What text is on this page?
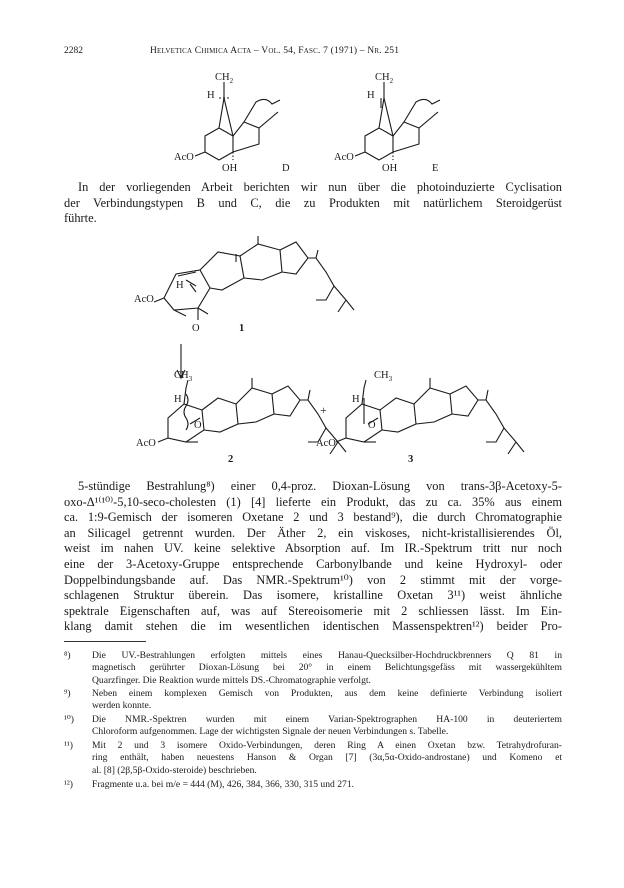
2282	Helvetica Chimica Acta – Vol. 54, Fasc. 7 (1971) – Nr. 251
$CH_2$
H
AcO
OH	D
$CH_2$
H
AcO
OH	E
In der vorliegenden Arbeit berichten wir nun über die photoinduzierte Cyclisation
der Verbindungstypen B und C, die zu Produkten mit natürlichem Steroidgerüst
führte.
AcO
H
O	1
$CH_3$
H
O
AcO
2
+
$CH_3$
H
O
AcO
3
5-stündige Bestrahlung⁸) einer 0,4-proz. Dioxan-Lösung von trans-3β-Acetoxy-5-
oxo-Δ¹⁽¹⁰⁾-5,10-seco-cholesten (1) [4] lieferte ein Produkt, das zu ca. 35% aus einem
ca. 1:9-Gemisch der isomeren Oxetane 2 und 3 bestand⁹), die durch Chromatographie
an Silicagel getrennt wurden. Der Äther 2, ein viskoses, nicht-kristallisierendes Öl,
weist im nahen UV. keine selektive Absorption auf. Im IR.-Spektrum tritt nur noch
eine der 3-Acetoxy-Gruppe entsprechende Carbonylbande und keine Hydroxyl- oder
Doppelbindungsbande auf. Das NMR.-Spektrum¹⁰) von 2 stimmt mit der vorge-
schlagenen Struktur überein. Das isomere, kristalline Oxetan 3¹¹) weist ähnliche
spektrale Eigenschaften auf, was auf Stereoisomerie mit 2 schliessen lässt. Im Ein-
klang damit stehen die im wesentlichen identischen Massenspektren¹²) beider Pro-
⁸)	Die UV.-Bestrahlungen erfolgten mittels eines Hanau-Quecksilber-Hochdruckbrenners Q 81 in
magnetisch gerührter Dioxan-Lösung bei 20° in einem Belichtungsgefäss mit wassergekühltem
Quarzfinger. Die Reaktion wurde mittels DS.-Chromatographie verfolgt.
⁹)	Neben einem komplexen Gemisch von Produkten, aus dem keine definierte Verbindung isoliert
werden konnte.
¹⁰)	Die NMR.-Spektren wurden mit einem Varian-Spektrographen HA-100 in deuteriertem
Chloroform aufgenommen. Lage der wichtigsten Signale der neuen Verbindungen s. Tabelle.
¹¹)	Mit 2 und 3 isomere Oxido-Verbindungen, deren Ring A einen Oxetan bzw. Tetrahydrofuran-
ring enthält, haben neuestens Hanson & Organ [7] (3α,5α-Oxido-androstane) und Komeno et
al. [8] (2β,5β-Oxido-steroide) beschrieben.
¹²)	Fragmente u.a. bei m/e = 444 (M), 426, 384, 366, 330, 315 und 271.
